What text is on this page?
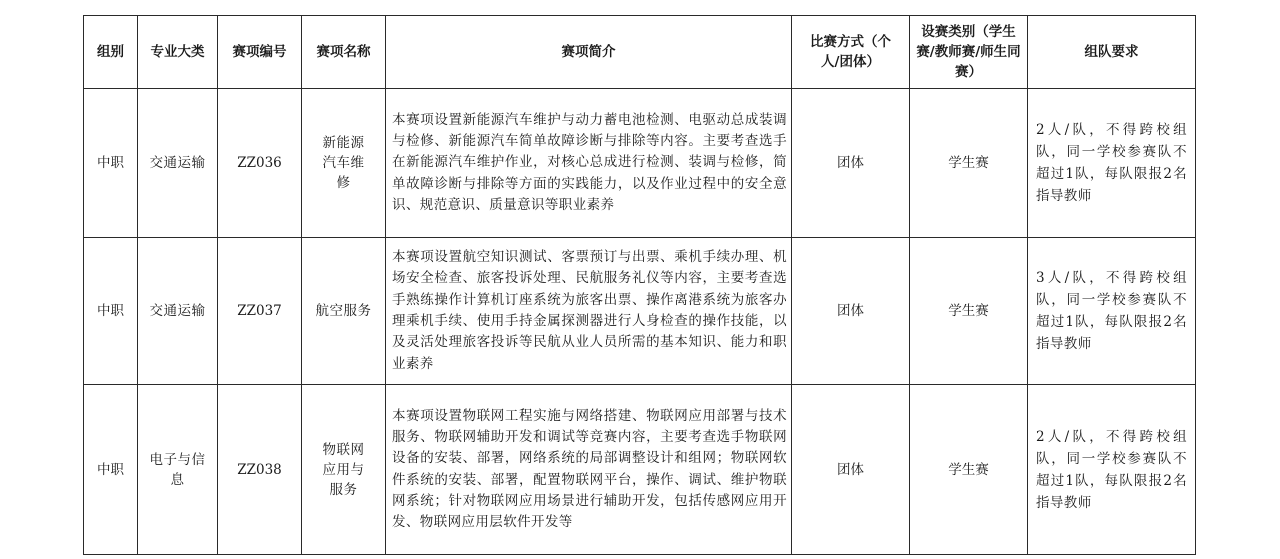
组别	专业大类	赛项编号	赛项名称	赛项简介	比赛方式（个人/团体）	设赛类别（学生赛/教师赛/师生同赛）	组队要求
中职	交通运输	ZZ036	新能源汽车维修	本赛项设置新能源汽车维护与动力蓄电池检测、电驱动总成装调与检修、新能源汽车简单故障诊断与排除等内容。主要考查选手在新能源汽车维护作业，对核心总成进行检测、装调与检修，简单故障诊断与排除等方面的实践能力，以及作业过程中的安全意识、规范意识、质量意识等职业素养	团体	学生赛	2人/队，不得跨校组队，同一学校参赛队不超过1队，每队限报2名指导教师
中职	交通运输	ZZ037	航空服务	本赛项设置航空知识测试、客票预订与出票、乘机手续办理、机场安全检查、旅客投诉处理、民航服务礼仪等内容，主要考查选手熟练操作计算机订座系统为旅客出票、操作离港系统为旅客办理乘机手续、使用手持金属探测器进行人身检查的操作技能，以及灵活处理旅客投诉等民航从业人员所需的基本知识、能力和职业素养	团体	学生赛	3人/队，不得跨校组队，同一学校参赛队不超过1队，每队限报2名指导教师
中职	电子与信息	ZZ038	物联网应用与服务	本赛项设置物联网工程实施与网络搭建、物联网应用部署与技术服务、物联网辅助开发和调试等竞赛内容，主要考查选手物联网设备的安装、部署，网络系统的局部调整设计和组网；物联网软件系统的安装、部署，配置物联网平台，操作、调试、维护物联网系统；针对物联网应用场景进行辅助开发，包括传感网应用开发、物联网应用层软件开发等	团体	学生赛	2人/队，不得跨校组队，同一学校参赛队不超过1队，每队限报2名指导教师
